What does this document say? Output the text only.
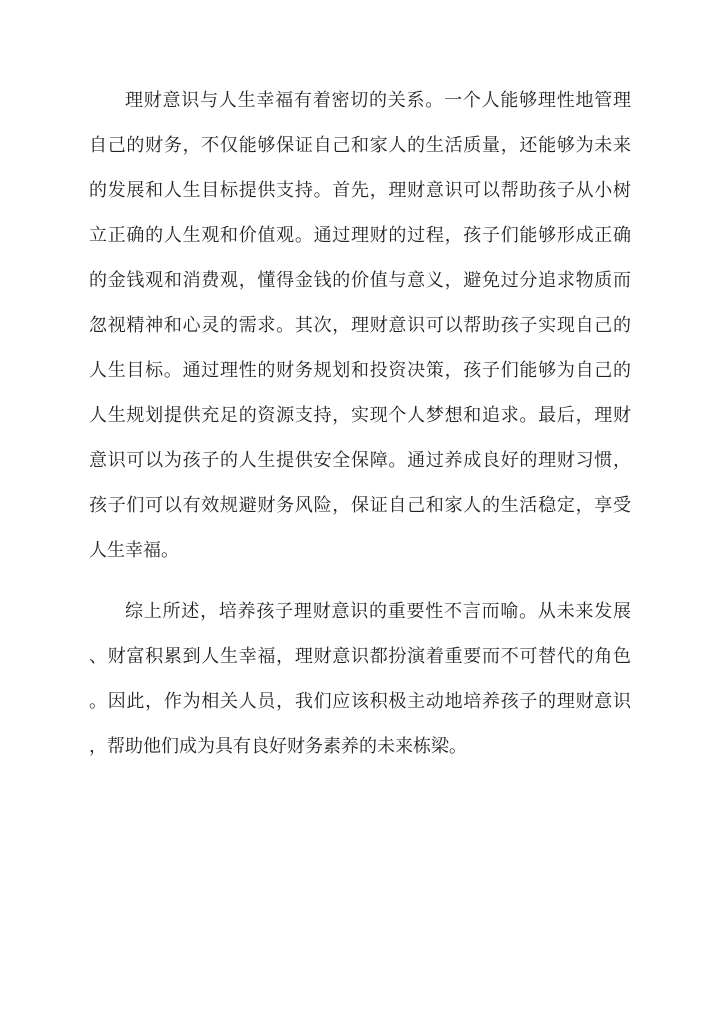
理财意识与人生幸福有着密切的关系。一个人能够理性地管理
自己的财务，不仅能够保证自己和家人的生活质量，还能够为未来
的发展和人生目标提供支持。首先，理财意识可以帮助孩子从小树
立正确的人生观和价值观。通过理财的过程，孩子们能够形成正确
的金钱观和消费观，懂得金钱的价值与意义，避免过分追求物质而
忽视精神和心灵的需求。其次，理财意识可以帮助孩子实现自己的
人生目标。通过理性的财务规划和投资决策，孩子们能够为自己的
人生规划提供充足的资源支持，实现个人梦想和追求。最后，理财
意识可以为孩子的人生提供安全保障。通过养成良好的理财习惯，
孩子们可以有效规避财务风险，保证自己和家人的生活稳定，享受
人生幸福。
综上所述，培养孩子理财意识的重要性不言而喻。从未来发展
、财富积累到人生幸福，理财意识都扮演着重要而不可替代的角色
。因此，作为相关人员，我们应该积极主动地培养孩子的理财意识
，帮助他们成为具有良好财务素养的未来栋梁。
